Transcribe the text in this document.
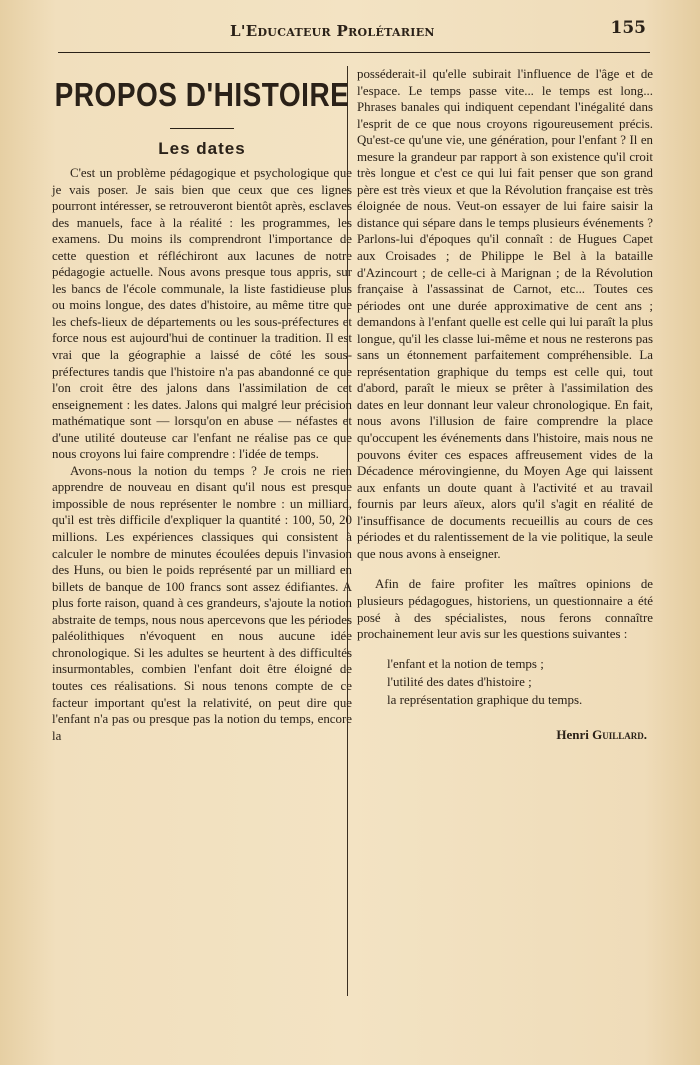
L'Educateur Prolétarien	155
PROPOS D'HISTOIRE
Les dates

C'est un problème pédagogique et psychologique que je vais poser. Je sais bien que ceux que ces lignes pourront intéresser, se retrouveront bientôt après, esclaves des manuels, face à la réalité : les programmes, les examens. Du moins ils comprendront l'importance de cette question et réfléchiront aux lacunes de notre pédagogie actuelle. Nous avons presque tous appris, sur les bancs de l'école communale, la liste fastidieuse plus ou moins longue, des dates d'histoire, au même titre que les chefs-lieux de départements ou les sous-préfectures et force nous est aujourd'hui de continuer la tradition. Il est vrai que la géographie a laissé de côté les sous-préfectures tandis que l'histoire n'a pas abandonné ce que l'on croit être des jalons dans l'assimilation de cet enseignement : les dates. Jalons qui malgré leur précision mathématique sont — lorsqu'on en abuse — néfastes et d'une utilité douteuse car l'enfant ne réalise pas ce que nous croyons lui faire comprendre : l'idée de temps.

Avons-nous la notion du temps ? Je crois ne rien apprendre de nouveau en disant qu'il nous est presque impossible de nous représenter le nombre : un milliard, qu'il est très difficile d'expliquer la quantité : 100, 50, 20 millions. Les expériences classiques qui consistent à calculer le nombre de minutes écoulées depuis l'invasion des Huns, ou bien le poids représenté par un milliard en billets de banque de 100 francs sont assez édifiantes. A plus forte raison, quand à ces grandeurs, s'ajoute la notion abstraite de temps, nous nous apercevons que les périodes paléolithiques n'évoquent en nous aucune idée chronologique. Si les adultes se heurtent à des difficultés insurmontables, combien l'enfant doit être éloigné de toutes ces réalisations. Si nous tenons compte de ce facteur important qu'est la relativité, on peut dire que l'enfant n'a pas ou presque pas la notion du temps, encore la

posséderait-il qu'elle subirait l'influence de l'âge et de l'espace. Le temps passe vite... le temps est long... Phrases banales qui indiquent cependant l'inégalité dans l'esprit de ce que nous croyons rigoureusement précis. Qu'est-ce qu'une vie, une génération, pour l'enfant ? Il en mesure la grandeur par rapport à son existence qu'il croit très longue et c'est ce qui lui fait penser que son grand père est très vieux et que la Révolution française est très éloignée de nous. Veut-on essayer de lui faire saisir la distance qui sépare dans le temps plusieurs événements ? Parlons-lui d'époques qu'il connaît : de Hugues Capet aux Croisades ; de Philippe le Bel à la bataille d'Azincourt ; de celle-ci à Marignan ; de la Révolution française à l'assassinat de Carnot, etc... Toutes ces périodes ont une durée approximative de cent ans ; demandons à l'enfant quelle est celle qui lui paraît la plus longue, qu'il les classe lui-même et nous ne resterons pas sans un étonnement parfaitement compréhensible. La représentation graphique du temps est celle qui, tout d'abord, paraît le mieux se prêter à l'assimilation des dates en leur donnant leur valeur chronologique. En fait, nous avons l'illusion de faire comprendre la place qu'occupent les événements dans l'histoire, mais nous ne pouvons éviter ces espaces affreusement vides de la Décadence mérovingienne, du Moyen Age qui laissent aux enfants un doute quant à l'activité et au travail fournis par leurs aïeux, alors qu'il s'agit en réalité de l'insuffisance de documents recueillis au cours de ces périodes et du ralentissement de la vie politique, la seule que nous avons à enseigner.

Afin de faire profiter les maîtres opinions de plusieurs pédagogues, historiens, un questionnaire a été posé à des spécialistes, nous ferons connaître prochainement leur avis sur les questions suivantes :

l'enfant et la notion de temps ;
l'utilité des dates d'histoire ;
la représentation graphique du temps.
Henri Guillard.
